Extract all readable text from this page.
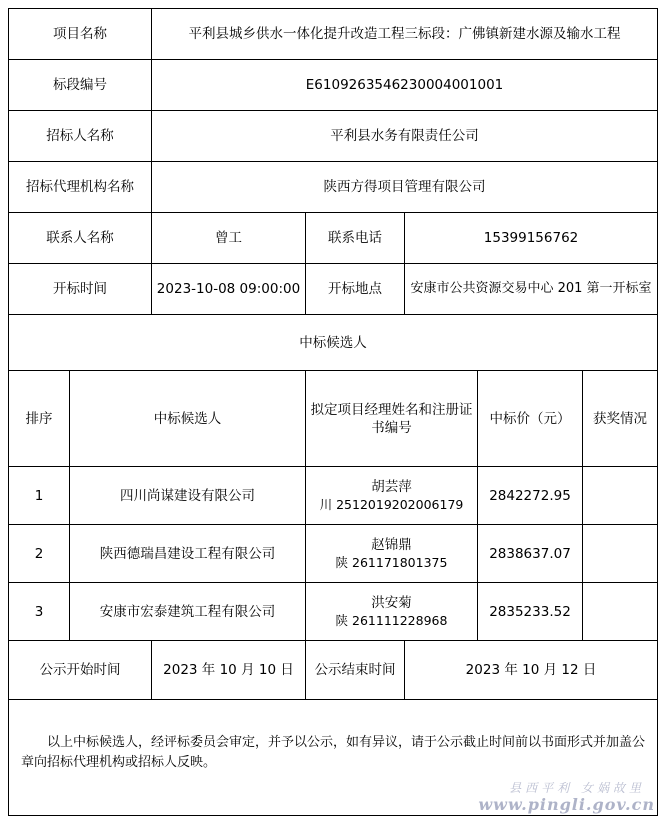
项目名称		平利县城乡供水一体化提升改造工程三标段：广佛镇新建水源及输水工程				
标段编号		E6109263546230004001001				
招标人名称		平利县水务有限责任公司				
招标代理机构名称		陕西方得项目管理有限公司				
联系人名称		曾工	联系电话	15399156762		
开标时间		2023-10-08 09:00:00	开标地点	安康市公共资源交易中心 201 第一开标室		
中标候选人						
排序	中标候选人		拟定项目经理姓名和注册证书编号		中标价（元）	获奖情况
1	四川尚谋建设有限公司		胡芸萍
川 2512019202006179		2842272.95	
2	陕西德瑞昌建设工程有限公司		赵锦鼎
陕 261171801375		2838637.07	
3	安康市宏泰建筑工程有限公司		洪安菊
陕 261111228968		2835233.52	
公示开始时间		2023 年 10 月 10 日	公示结束时间	2023 年 10 月 12 日		
以上中标候选人，经评标委员会审定，并予以公示，如有异议，请于公示截止时间前以书面形式并加盖公章向招标代理机构或招标人反映。						
县西平利 女娲故里
www.pingli.gov.cn
